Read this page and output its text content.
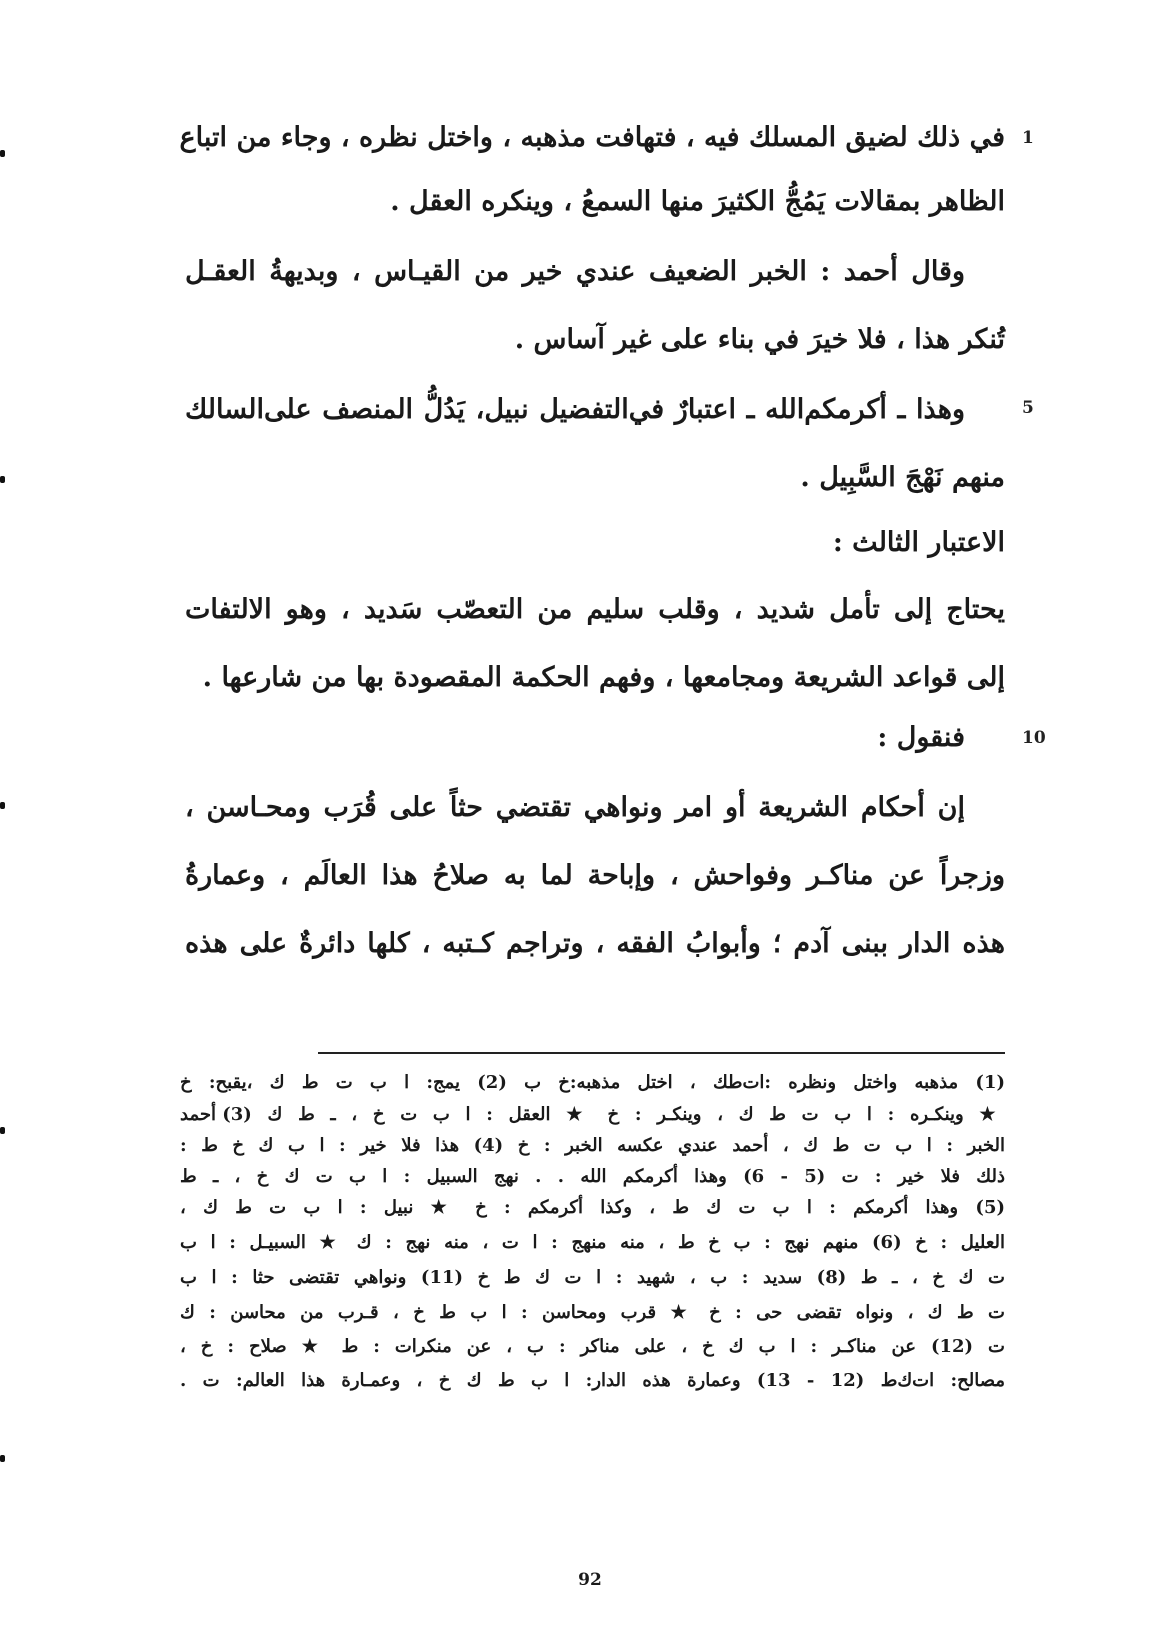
في ذلك لضيق المسلك فيه ، فتهافت مذهبه ، واختل نظره ، وجاء من اتباع
الظاهر بمقالات يَمُجُّ الكثيرَ منها السمعُ ، وينكره العقل .
وقال أحمد : الخبر الضعيف عندي خير من القيـاس ، وبديهةُ العقـل
تُنكر هذا ، فلا خيرَ في بناء على غير آساس .
وهذا ـ أكرمكم‌الله ـ اعتبارٌ في‌التفضيل نبيل، يَدُلُّ المنصف على‌السالك
منهم نَهْجَ السَّبِيل .
الاعتبار الثالث :
يحتاج إلى تأمل شديد ، وقلب سليم من التعصّب سَديد ، وهو الالتفات
إلى قواعد الشريعة ومجامعها ، وفهم الحكمة المقصودة بها من شارعها .
فنقول :
إن أحكام الشريعة أو امر ونواهي تقتضي حثاً على قُرَب ومحـاسن ،
وزجراً عن مناكـر وفواحش ، وإباحة لما به صلاحُ هذا العالَم ، وعمارةُ
هذه الدار ببنى آدم ؛ وأبوابُ الفقه ، وتراجم كـتبه ، كلها دائرةٌ على هذه
1
5
10
(1) مذهبه واختل ونظره :ات‌طك ، اختل مذهبه:خ ب (2) يمج: ا ب ت ط ك ،يقبح: خ
★ وينكـره : ا ب ت ط ك ، وينكـر : خ ★ العقل : ا ب ت خ ، ـ ط ك (3) أحمد
الخبر : ا ب ت ط ك ، أحمد عندي عكسه الخبر : خ (4) هذا فلا خير : ا ب ك خ ط :
ذلك فلا خير : ت (5 - 6) وهذا أكرمكم الله . . نهج السبيل : ا ب ت ك خ ، ـ ط
(5) وهذا أكرمكم : ا ب ت ك ط ، وكذا أكرمكم : خ ★ نبيل : ا ب ت ط ك ،
العليل : خ (6) منهم نهج : ب خ ط ، منه منهج : ا ت ، منه نهج : ك ★ السبيـل : ا ب
ت ك خ ، ـ ط (8) سديد : ب ، شهيد : ا ت ك ط خ (11) ونواهي تقتضى حثا : ا ب
ت ط ك ، ونواه تقضى حى : خ ★ قرب ومحاسن : ا ب ط خ ، قـرب من محاسن : ك
ت (12) عن مناكـر : ا ب ك خ ، على مناكر : ب ، عن منكرات : ط ★ صلاح : خ ،
مصالح: ات‌ك‌ط (12 - 13) وعمارة هذه الدار: ا ب ط ك خ ، وعمـارة هذا العالم: ت .
92
